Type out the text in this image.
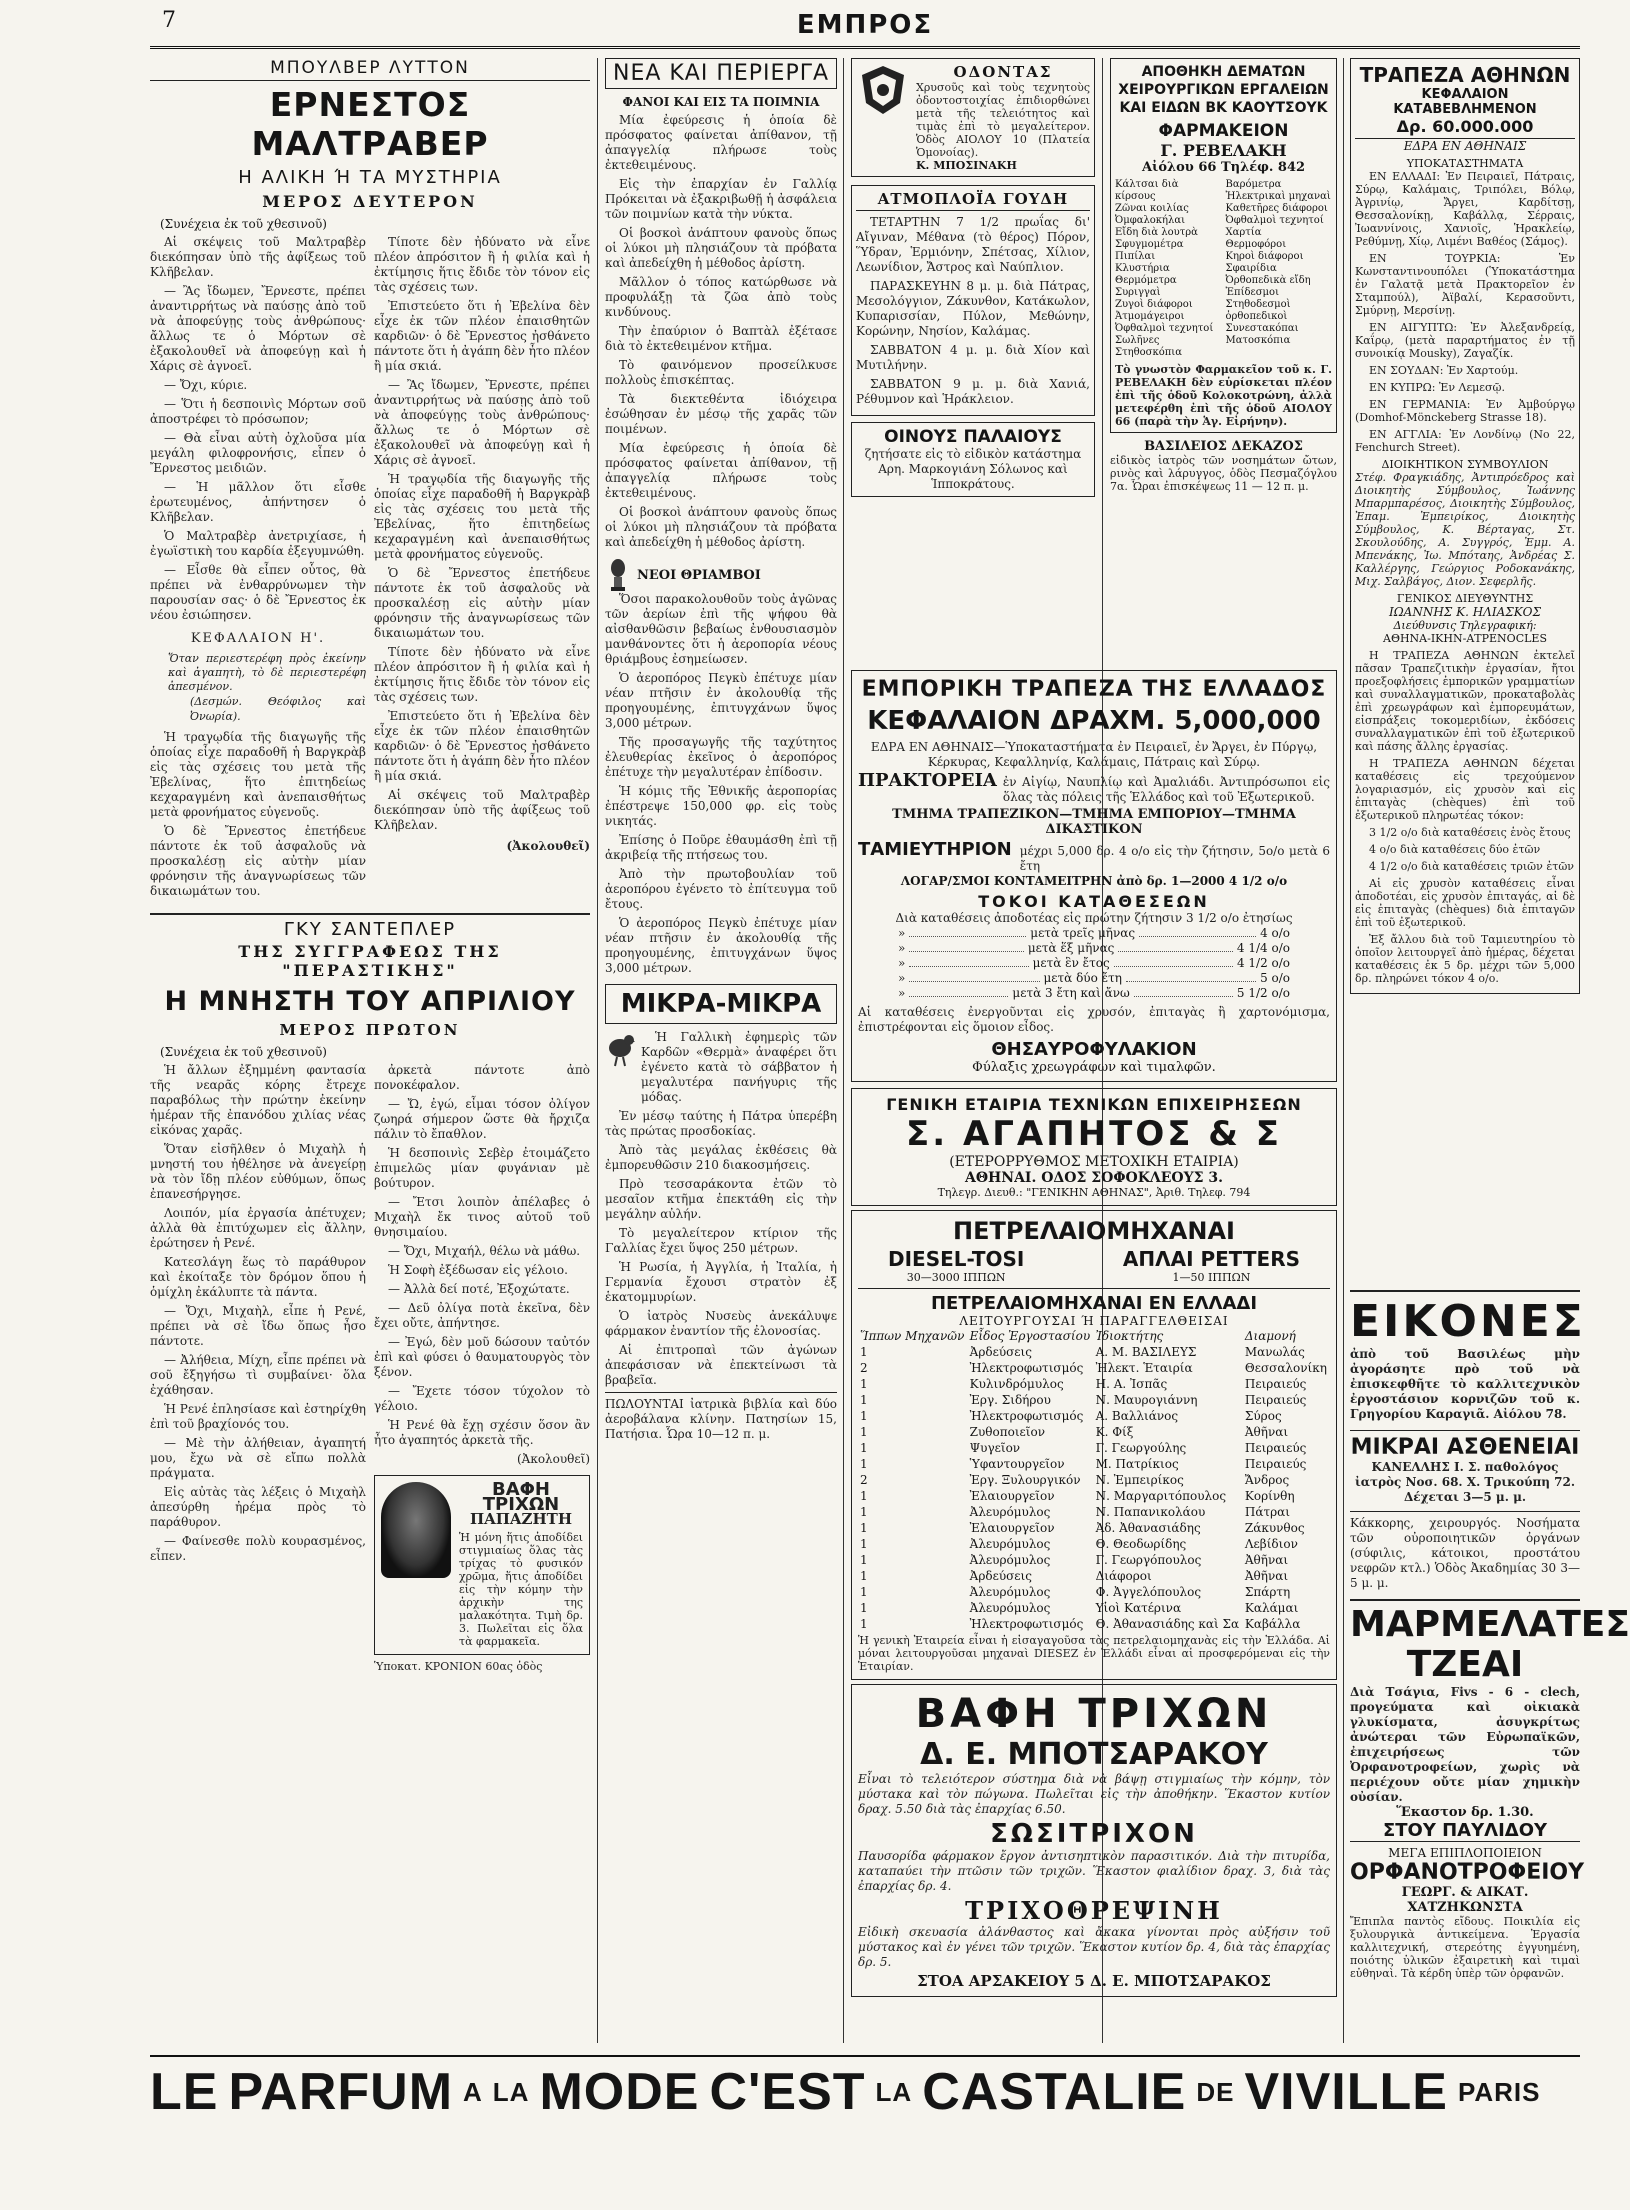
7	ΕΜΠΡΟΣ
ΜΠΟΥΛΒΕΡ ΛΥΤΤΟΝ
ΕΡΝΕΣΤΟΣ ΜΑΛΤΡΑΒΕΡ
Η ΑΛΙΚΗ Ή ΤΑ ΜΥΣΤΗΡΙΑ
ΜΕΡΟΣ ΔΕΥΤΕΡΟΝ
(Συνέχεια ἐκ τοῦ χθεσινοῦ)

Αἱ σκέψεις τοῦ Μαλτραβὲρ διεκόπησαν ὑπὸ τῆς ἀφίξεως τοῦ Κλῆβελαν.

— Ἂς ἴδωμεν, Ἔρνεστε, πρέπει ἀναντιρρήτως νὰ παύσῃς ἀπὸ τοῦ νὰ ἀποφεύγῃς τοὺς ἀνθρώπους· ἄλλως τε ὁ Μόρτων σὲ ἐξακολουθεῖ νὰ ἀποφεύγῃ καὶ ἡ Χάρις σὲ ἀγνοεῖ.

— Ὄχι, κύριε.

— Ὅτι ἡ δεσποινὶς Μόρτων σοῦ ἀποστρέφει τὸ πρόσωπον;

— Θὰ εἶναι αὐτὴ ὀχλοῦσα μία μεγάλη φιλοφρονήσις, εἶπεν ὁ Ἔρνεστος μειδιῶν.

— Ἡ μᾶλλον ὅτι εἶσθε ἐρωτευμένος, ἀπήντησεν ὁ Κλῆβελαν.

Ὁ Μαλτραβὲρ ἀνετριχίασε, ἡ ἐγωϊστικὴ του καρδία ἐξεγυμνώθη.

— Εἶσθε θὰ εἶπεν οὗτος, θὰ πρέπει νὰ ἐνθαρρύνωμεν τὴν παρουσίαν σας· ὁ δὲ Ἔρνεστος ἐκ νέου ἐσιώπησεν.

ΚΕΦΑΛΑΙΟΝ Η'.
Ὅταν περιεστερέφη πρὸς ἐκείνην καὶ ἀγαπητὴ, τὸ δὲ περιεστερέφη ἀπεσμένον.
(Δεσμών. Θεόφιλος καὶ Ὀνωρία).

Ἡ τραγῳδία τῆς διαγωγῆς τῆς ὁποίας εἶχε παραδοθῆ ἡ Βαργκρὰβ εἰς τὰς σχέσεις του μετὰ τῆς Ἐβελίνας, ἥτο ἐπιτηδείως κεχαραγμένη καὶ ἀνεπαισθήτως μετὰ φρονήματος εὐγενοῦς.

Ὁ δὲ Ἔρνεστος ἐπετήδευε πάντοτε ἐκ τοῦ ἀσφαλοῦς νὰ προσκαλέσῃ εἰς αὐτὴν μίαν φρόνησιν τῆς ἀναγνωρίσεως τῶν δικαιωμάτων του.

Τίποτε δὲν ἠδύνατο νὰ εἶνε πλέον ἀπρόσιτον ἢ ἡ φιλία καὶ ἡ ἐκτίμησις ἥτις ἔδιδε τὸν τόνον εἰς τὰς σχέσεις των.

Ἐπιστεύετο ὅτι ἡ Ἐβελίνα δὲν εἶχε ἐκ τῶν πλέον ἐπαισθητῶν καρδιῶν· ὁ δὲ Ἔρνεστος ἠσθάνετο πάντοτε ὅτι ἡ ἀγάπη δὲν ἦτο πλέον ἢ μία σκιά.

— Ἂς ἴδωμεν, Ἔρνεστε, πρέπει ἀναντιρρήτως νὰ παύσῃς ἀπὸ τοῦ νὰ ἀποφεύγῃς τοὺς ἀνθρώπους· ἄλλως τε ὁ Μόρτων σὲ ἐξακολουθεῖ νὰ ἀποφεύγῃ καὶ ἡ Χάρις σὲ ἀγνοεῖ.

Ἡ τραγῳδία τῆς διαγωγῆς τῆς ὁποίας εἶχε παραδοθῆ ἡ Βαργκρὰβ εἰς τὰς σχέσεις του μετὰ τῆς Ἐβελίνας, ἥτο ἐπιτηδείως κεχαραγμένη καὶ ἀνεπαισθήτως μετὰ φρονήματος εὐγενοῦς.

Ὁ δὲ Ἔρνεστος ἐπετήδευε πάντοτε ἐκ τοῦ ἀσφαλοῦς νὰ προσκαλέσῃ εἰς αὐτὴν μίαν φρόνησιν τῆς ἀναγνωρίσεως τῶν δικαιωμάτων του.

Τίποτε δὲν ἠδύνατο νὰ εἶνε πλέον ἀπρόσιτον ἢ ἡ φιλία καὶ ἡ ἐκτίμησις ἥτις ἔδιδε τὸν τόνον εἰς τὰς σχέσεις των.

Ἐπιστεύετο ὅτι ἡ Ἐβελίνα δὲν εἶχε ἐκ τῶν πλέον ἐπαισθητῶν καρδιῶν· ὁ δὲ Ἔρνεστος ἠσθάνετο πάντοτε ὅτι ἡ ἀγάπη δὲν ἦτο πλέον ἢ μία σκιά.

Αἱ σκέψεις τοῦ Μαλτραβὲρ διεκόπησαν ὑπὸ τῆς ἀφίξεως τοῦ Κλῆβελαν.

(Ἀκολουθεῖ)
ΓΚΥ ΣΑΝΤΕΠΛΕΡ
ΤΗΣ ΣΥΓΓΡΑΦΕΩΣ ΤΗΣ "ΠΕΡΑΣΤΙΚΗΣ"
Η ΜΝΗΣΤΗ ΤΟΥ ΑΠΡΙΛΙΟΥ
ΜΕΡΟΣ ΠΡΩΤΟΝ
(Συνέχεια ἐκ τοῦ χθεσινοῦ)

Ἡ ἄλλων ἐξημμένη φαντασία τῆς νεαρᾶς κόρης ἔτρεχε παραβόλως τὴν πρώτην ἐκείνην ἡμέραν τῆς ἐπανόδου χιλίας νέας εἰκόνας χαρᾶς.

Ὅταν εἰσῆλθεν ὁ Μιχαὴλ ἡ μνηστή του ἠθέλησε νὰ ἀνεγείρῃ νὰ τὸν ἴδῃ πλέον εὐθύμων, ὅπως ἐπανεσήργησε.

Λοιπόν, μία ἐργασία ἀπέτυχεν; ἀλλὰ θὰ ἐπιτύχωμεν εἰς ἄλλην, ἐρώτησεν ἡ Ρενέ.

Κατεσλάγη ἕως τὸ παράθυρον καὶ ἐκοίταξε τὸν δρόμον ὅπου ἡ ὁμίχλη ἐκάλυπτε τὰ πάντα.

— Ὄχι, Μιχαὴλ, εἶπε ἡ Ρενέ, πρέπει νὰ σὲ ἴδω ὅπως ἦσο πάντοτε.

— Ἀλήθεια, Μίχη, εἶπε πρέπει νὰ σοῦ ἔξηγήσω τὶ συμβαίνει· ὅλα ἐχάθησαν.

Ἡ Ρενέ ἐπλησίασε καὶ ἐστηρίχθη ἐπὶ τοῦ βραχίονός του.

— Μὲ τὴν ἀλήθειαν, ἀγαπητή μου, ἔχω νὰ σὲ εἴπω πολλὰ πράγματα.

Εἰς αὐτὰς τὰς λέξεις ὁ Μιχαὴλ ἀπεσύρθη ἠρέμα πρὸς τὸ παράθυρον.

— Φαίνεσθε πολὺ κουρασμένος, εἶπεν.

ἀρκετὰ πάντοτε ἀπὸ πονοκέφαλον.

— Ὤ, ἐγώ, εἶμαι τόσον ὀλίγον ζωηρά σήμερον ὥστε θὰ ἤρχιζα πάλιν τὸ ἔπαθλον.

Ἡ δεσποινὶς Σεβὲρ ἐτοιμάζετο ἐπιμελῶς μίαν φυγάνιαν μὲ βούτυρον.

— Ἔτσι λοιπὸν ἀπέλαβες ὁ Μιχαὴλ ἔκ τινος αὐτοῦ τοῦ θνησιμαίου.

— Ὄχι, Μιχαήλ, θέλω νὰ μάθω.

Ἡ Σοφὴ ἐξέδωσαν εἰς γέλοιο.

— Ἀλλὰ δεί ποτέ, Ἐξοχώτατε.

— Δεῦ ὀλίγα ποτὰ ἐκεῖνα, δὲν ἔχει οὔτε, ἀπήντησε.

— Ἐγώ, δὲν μοῦ δώσουν ταὐτόν ἐπὶ καὶ φύσει ὁ θαυματουργὸς τὸν ξένον.

— Ἔχετε τόσον τύχολον τὸ γέλοιο.

Ἡ Ρενέ θὰ ἔχῃ σχέσιν ὅσον ἂν ἦτο ἀγαπητός ἀρκετὰ τῆς.

(Ἀκολουθεῖ)
ΒΑΦΗ ΤΡΙΧΩΝ
ΠΑΠΑΖΗΤΗ
Ἡ μόνη ἥτις ἀποδίδει στιγμιαίως ὅλας τὰς τρίχας τὸ φυσικόν χρῶμα, ἥτις ἀποδίδει εἰς τὴν κόμην τὴν ἀρχικὴν της μαλακότητα. Τιμὴ δρ. 3. Πωλεῖται εἰς ὅλα τὰ φαρμακεῖα.
Ὑποκατ. ΚΡΟΝΙΟΝ 60ας ὁδὸς
ΝΕΑ ΚΑΙ ΠΕΡΙΕΡΓΑ
ΦΑΝΟΙ ΚΑΙ ΕΙΣ ΤΑ ΠΟΙΜΝΙΑ

Μία ἐφεύρεσις ἡ ὁποία δὲ πρόσφατος φαίνεται ἀπίθανον, τῇ ἀπαγγελίᾳ πλήρωσε τοὺς ἐκτεθειμένους.

Εἰς τὴν ἐπαρχίαν ἐν Γαλλίᾳ Πρόκειται νὰ ἐξακριβωθῇ ἡ ἀσφάλεια τῶν ποιμνίων κατὰ τὴν νύκτα.

Οἱ βοσκοὶ ἀνάπτουν φανοὺς ὅπως οἱ λύκοι μὴ πλησιάζουν τὰ πρόβατα καὶ ἀπεδείχθη ἡ μέθοδος ἀρίστη.

Μᾶλλον ὁ τόπος κατώρθωσε νὰ προφυλάξῃ τὰ ζῶα ἀπὸ τοὺς κινδύνους.

Τὴν ἐπαύριον ὁ Βαπτὰλ ἐξέτασε διὰ τὸ ἐκτεθειμένον κτῆμα.

Τὸ φαινόμενον προσείλκυσε πολλοὺς ἐπισκέπτας.

Τὰ διεκτεθέντα ἰδιόχειρα ἐσώθησαν ἐν μέσῳ τῆς χαρᾶς τῶν ποιμένων.

Μία ἐφεύρεσις ἡ ὁποία δὲ πρόσφατος φαίνεται ἀπίθανον, τῇ ἀπαγγελίᾳ πλήρωσε τοὺς ἐκτεθειμένους.

Οἱ βοσκοὶ ἀνάπτουν φανοὺς ὅπως οἱ λύκοι μὴ πλησιάζουν τὰ πρόβατα καὶ ἀπεδείχθη ἡ μέθοδος ἀρίστη.

ΝΕΟΙ ΘΡΙΑΜΒΟΙ

Ὅσοι παρακολουθοῦν τοὺς ἀγῶνας τῶν ἀερίων ἐπὶ τῆς ψήφου θὰ αἰσθανθῶσιν βεβαίως ἐνθουσιασμὸν μανθάνοντες ὅτι ἡ ἀεροπορία νέους θριάμβους ἐσημείωσεν.

Ὁ ἀεροπόρος Πεγκὺ ἐπέτυχε μίαν νέαν πτῆσιν ἐν ἀκολουθίᾳ τῆς προηγουμένης, ἐπιτυγχάνων ὕψος 3,000 μέτρων.

Τῆς προσαγωγῆς τῆς ταχύτητος ἐλευθερίας ἐκεῖνος ὁ ἀεροπόρος ἐπέτυχε τὴν μεγαλυτέραν ἐπίδοσιν.

Ἡ κόμις τῆς Ἐθνικῆς ἀεροπορίας ἐπέστρεψε 150,000 φρ. εἰς τοὺς νικητάς.

Ἐπίσης ὁ Ποῦρε ἐθαυμάσθη ἐπὶ τῇ ἀκριβείᾳ τῆς πτήσεως του.

Ἀπὸ τὴν πρωτοβουλίαν τοῦ ἀεροπόρου ἐγένετο τὸ ἐπίτευγμα τοῦ ἔτους.

Ὁ ἀεροπόρος Πεγκὺ ἐπέτυχε μίαν νέαν πτῆσιν ἐν ἀκολουθίᾳ τῆς προηγουμένης, ἐπιτυγχάνων ὕψος 3,000 μέτρων.

ΜΙΚΡΑ-ΜΙΚΡΑ

Ἡ Γαλλικὴ ἐφημερὶς τῶν Καρδῶν «Θερμὰ» ἀναφέρει ὅτι ἐγένετο κατὰ τὸ σάββατον ἡ μεγαλυτέρα πανήγυρις τῆς μόδας.

Ἐν μέσῳ ταύτης ἡ Πάτρα ὑπερέβη τὰς πρώτας προσδοκίας.

Ἀπὸ τὰς μεγάλας ἐκθέσεις θὰ ἐμπορευθῶσιν 210 διακοσμήσεις.

Πρὸ τεσσαράκοντα ἐτῶν τὸ μεσαῖον κτῆμα ἐπεκτάθη εἰς τὴν μεγάλην αὐλήν.

Τὸ μεγαλείτερον κτίριον τῆς Γαλλίας ἔχει ὕψος 250 μέτρων.

Ἡ Ρωσία, ἡ Ἀγγλία, ἡ Ἰταλία, ἡ Γερμανία ἔχουσι στρατὸν ἐξ ἑκατομμυρίων.

Ὁ ἰατρὸς Νυσεὺς ἀνεκάλυψε φάρμακον ἐναντίον τῆς ἐλονοσίας.

Αἱ ἐπιτροπαὶ τῶν ἀγώνων ἀπεφάσισαν νὰ ἐπεκτείνωσι τὰ βραβεῖα.

ΠΩΛΟΥΝΤΑΙ ἰατρικὰ βιβλία καὶ δύο ἀεροβάλανα κλίνην. Πατησίων 15, Πατήσια. Ὧρα 10—12 π. μ.
ΟΔΟΝΤΑΣ
Χρυσοῦς καὶ τοὺς τεχνητοὺς ὀδοντοστοιχίας ἐπιδιορθώνει μετὰ τῆς τελειότητος καὶ τιμὰς ἐπὶ τὸ μεγαλείτερον. Ὁδὸς ΑΙΟΛΟΥ 10 (Πλατεία Ὁμονοίας).
Κ. ΜΠΟΣΙΝΑΚΗ
ΑΤΜΟΠΛΟΪΑ ΓΟΥΔΗ

ΤΕΤΑΡΤΗΝ 7 1/2 πρωΐας δι' Αἴγιναν, Μέθανα (τὸ θέρος) Πόρον, Ὕδραν, Ἑρμιόνην, Σπέτσας, Χίλιον, Λεωνίδιον, Ἄστρος καὶ Ναύπλιον.

ΠΑΡΑΣΚΕΥΗΝ 8 μ. μ. διὰ Πάτρας, Μεσολόγγιον, Ζάκυνθον, Κατάκωλον, Κυπαρισσίαν, Πύλον, Μεθώνην, Κορώνην, Νησίον, Καλάμας.

ΣΑΒΒΑΤΟΝ 4 μ. μ. διὰ Χίον καὶ Μυτιλήνην.

ΣΑΒΒΑΤΟΝ 9 μ. μ. διὰ Χανιά, Ρέθυμνον καὶ Ἡράκλειον.

ΟΙΝΟΥΣ ΠΑΛΑΙΟΥΣ
ζητήσατε εἰς τὸ εἰδικὸν κατάστημα Αρη. Μαρκογιάνη Σόλωνος καὶ Ἱπποκράτους.
ΑΠΟΘΗΚΗ ΔΕΜΑΤΩΝ ΧΕΙΡΟΥΡΓΙΚΩΝ ΕΡΓΑΛΕΙΩΝ ΚΑΙ ΕΙΔΩΝ ΒΚ ΚΑΟΥΤΣΟΥΚ
ΦΑΡΜΑΚΕΙΟΝ
Γ. ΡΕΒΕΛΑΚΗ
Αἰόλου 66 Τηλέφ. 842
Κάλτσαι διὰ κίρσους
Ζῶναι κοιλίας
Ὀμφαλοκήλαι
Εἴδη διὰ λουτρὰ
Σφυγμομέτρα
Πιπίλαι
Κλυστήρια
Θερμόμετρα
Συριγγαὶ
Ζυγοὶ διάφοροι
Ἀτμομάγειροι
Ὀφθαλμοὶ τεχνητοί
Σωλῆνες
Στηθοσκόπια
Βαρόμετρα
Ἠλεκτρικαὶ μηχαναὶ
Καθετῆρες διάφοροι
Ὀφθαλμοὶ τεχνητοί
Χαρτία
Θερμοφόροι
Κηροὶ διάφοροι
Σφαιρίδια
Ὀρθοπεδικὰ εἴδη
Ἐπίδεσμοι
Στηθοδεσμοὶ ὀρθοπεδικοὶ
Συνεστακόπαι
Ματοσκόπια
Τὸ γνωστὸν Φαρμακεῖον τοῦ κ. Γ. ΡΕΒΕΛΑΚΗ δὲν εὑρίσκεται πλέον ἐπὶ τῆς ὁδοῦ Κολοκοτρώνη, ἀλλὰ μετεφέρθη ἐπὶ τῆς ὁδοῦ ΑΙΟΛΟΥ 66 (παρὰ τὴν Ἁγ. Εἰρήνην).
ΒΑΣΙΛΕΙΟΣ ΔΕΚΑΖΟΣ
εἰδικὸς ἰατρὸς τῶν νοσημάτων ὤτων, ρινὸς καὶ λάρυγγος, ὁδὸς Πεσμαζόγλου 7α. Ὧραι ἐπισκέψεως 11 — 12 π. μ.
ΕΜΠΟΡΙΚΗ ΤΡΑΠΕΖΑ ΤΗΣ ΕΛΛΑΔΟΣ
ΚΕΦΑΛΑΙΟΝ ΔΡΑΧΜ. 5,000,000
ΕΔΡΑ ΕΝ ΑΘΗΝΑΙΣ—Ὑποκαταστήματα ἐν Πειραιεῖ, ἐν Ἄργει, ἐν Πύργῳ, Κέρκυρας, Κεφαλληνίᾳ, Καλάμαις, Πάτραις καὶ Σύρῳ.
ΠΡΑΚΤΟΡΕΙΑ ἐν Αἰγίῳ, Ναυπλίῳ καὶ Ἀμαλιάδι. Ἀντιπρόσωποι εἰς ὅλας τὰς πόλεις τῆς Ἑλλάδος καὶ τοῦ Ἐξωτερικοῦ.
ΤΜΗΜΑ ΤΡΑΠΕΖΙΚΟΝ—ΤΜΗΜΑ ΕΜΠΟΡΙΟΥ—ΤΜΗΜΑ ΔΙΚΑΣΤΙΚΟΝ
ΤΑΜΙΕΥΤΗΡΙΟΝ μέχρι 5,000 δρ. 4 ο/ο εἰς τὴν ζήτησιν, 5ο/ο μετὰ 6 ἔτη
ΛΟΓΑΡ/ΣΜΟΙ ΚΟΝΤΑΜΕΙΤΡΗΝ ἀπὸ δρ. 1—2000 4 1/2 ο/ο
ΤΟΚΟΙ ΚΑΤΑΘΕΣΕΩΝ
Διὰ καταθέσεις ἀποδοτέας εἰς πρώτην ζήτησιν 3 1/2 ο/ο ἐτησίως
»	μετὰ τρεῖς μῆνας	4 ο/ο
»	μετὰ ἕξ μῆνας	4 1/4 ο/ο
»	μετὰ ἓν ἔτος	4 1/2 ο/ο
»	μετὰ δύο ἔτη	5 ο/ο
»	μετὰ 3 ἔτη καὶ ἄνω	5 1/2 ο/ο
Αἱ καταθέσεις ἐνεργοῦνται εἰς χρυσόν, ἐπιταγὰς ἢ χαρτονόμισμα, ἐπιστρέφονται εἰς ὅμοιον εἶδος.
ΘΗΣΑΥΡΟΦΥΛΑΚΙΟΝ
Φύλαξις χρεωγράφων καὶ τιμαλφῶν.
ΓΕΝΙΚΗ ΕΤΑΙΡΙΑ ΤΕΧΝΙΚΩΝ ΕΠΙΧΕΙΡΗΣΕΩΝ
Σ. ΑΓΑΠΗΤΟΣ & Σ
(ΕΤΕΡΟΡΡΥΘΜΟΣ ΜΕΤΟΧΙΚΗ ΕΤΑΙΡΙΑ)
ΑΘΗΝΑΙ. ΟΔΟΣ ΣΟΦΟΚΛΕΟΥΣ 3.
Τηλεγρ. Διευθ.: "ΓΕΝΙΚΗΝ ΑΘΗΝΑΣ", Ἀριθ. Τηλεφ. 794
ΠΕΤΡΕΛΑΙΟΜΗΧΑΝΑΙ
DIESEL-TOSI
30—3000 ΙΠΠΩΝ
ΑΠΛΑΙ PETTERS
1—50 ΙΠΠΩΝ
ΠΕΤΡΕΛΑΙΟΜΗΧΑΝΑΙ ΕΝ ΕΛΛΑΔΙ
ΛΕΙΤΟΥΡΓΟΥΣΑΙ Ή ΠΑΡΑΓΓΕΛΘΕΙΣΑΙ
Ἵππων Μηχανῶν	Εἶδος Ἐργοστασίου	Ἰδιοκτήτης	Διαμονή
1	Ἀρδεύσεις	Α. Μ. ΒΑΣΙΛΕΥΣ	Μανωλάς
2	Ἠλεκτροφωτισμός	Ἠλεκτ. Ἑταιρία	Θεσσαλονίκη
1	Κυλινδρόμυλος	Η. Α. Ἰσπᾶς	Πειραιεύς
1	Ἐργ. Σιδήρου	Ν. Μαυρογιάννη	Πειραιεύς
1	Ἠλεκτροφωτισμός	Α. Βαλλιάνος	Σύρος
1	Ζυθοποιεῖον	Κ. Φίξ	Ἀθῆναι
1	Ψυγεῖον	Γ. Γεωργούλης	Πειραιεύς
1	Ὑφαντουργεῖον	Μ. Πατρίκιος	Πειραιεύς
2	Ἐργ. Ξυλουργικόν	Ν. Ἐμπειρίκος	Ἄνδρος
1	Ἐλαιουργεῖον	Ν. Μαργαριτόπουλος	Κορίνθη
1	Ἀλευρόμυλος	Ν. Παπανικολάου	Πάτραι
1	Ἐλαιουργεῖον	Ἀδ. Ἀθανασιάδης	Ζάκυνθος
1	Ἀλευρόμυλος	Θ. Θεοδωρίδης	Λεβίδιον
1	Ἀλευρόμυλος	Γ. Γεωργόπουλος	Ἀθῆναι
1	Ἀρδεύσεις	Διάφοροι	Ἀθῆναι
1	Ἀλευρόμυλος	Φ. Ἀγγελόπουλος	Σπάρτη
1	Ἀλευρόμυλος	Υἱοὶ Κατέρινα	Καλάμαι
1	Ἠλεκτροφωτισμός	Θ. Ἀθανασιάδης καὶ Σα	Καβάλλα
Ἡ γενικὴ Ἑταιρεία εἶναι ἡ εἰσαγαγοῦσα τὰς πετρελαιομηχανὰς εἰς τὴν Ἑλλάδα. Αἱ μόναι λειτουργοῦσαι μηχαναὶ DIESEZ ἐν Ἑλλάδι εἶναι αἱ προσφερόμεναι εἰς τὴν Ἑταιρίαν.
ΒΑΦΗ ΤΡΙΧΩΝ
Δ. Ε. ΜΠΟΤΣΑΡΑΚΟΥ
Εἶναι τὸ τελειότερον σύστημα διὰ νὰ βάψῃ στιγμιαίως τὴν κόμην, τὸν μύστακα καὶ τὸν πώγωνα. Πωλεῖται εἰς τὴν ἀποθήκην. Ἕκαστον κυτίον δραχ. 5.50 διὰ τὰς ἐπαρχίας 6.50.
ΣΩΣΙΤΡΙΧΟΝ
Παυσορίδα φάρμακον ἔργον ἀντισηπτικὸν παρασιτικόν. Διὰ τὴν πιτυρίδα, καταπαύει τὴν πτῶσιν τῶν τριχῶν. Ἕκαστον φιαλίδιον δραχ. 3, διὰ τὰς ἐπαρχίας δρ. 4.
ΤΡΙΧΟΘΡΕΨΙΝΗ
Εἰδικὴ σκευασία ἀλάνθαστος καὶ ἄκακα γίνονται πρὸς αὐξήσιν τοῦ μύστακος καὶ ἐν γένει τῶν τριχῶν. Ἕκαστον κυτίον δρ. 4, διὰ τὰς ἐπαρχίας δρ. 5.
ΣΤΟΑ ΑΡΣΑΚΕΙΟΥ 5 Δ. Ε. ΜΠΟΤΣΑΡΑΚΟΣ
ΕΙΚΟΝΕΣ
ἀπὸ τοῦ Βασιλέως μὴν ἀγοράσητε πρὸ τοῦ νὰ ἐπισκεφθῆτε τὸ καλλιτεχνικὸν ἐργοστάσιον κορνιζῶν τοῦ κ. Γρηγορίου Καραγιᾶ. Αἰόλου 78.
ΜΙΚΡΑΙ ΑΣΘΕΝΕΙΑΙ
ΚΑΝΕΛΛΗΣ Ι. Σ. παθολόγος ἰατρὸς Νοσ. 68. Χ. Τρικούπη 72. Δέχεται 3—5 μ. μ.
Κάκκορης, χειρουργός. Νοσήματα τῶν οὐροποιητικῶν ὀργάνων (σύφιλις, κάτοικοι, προστάτου νεφρῶν κτλ.) Ὁδὸς Ἀκαδημίας 30 3—5 μ. μ.
ΜΑΡΜΕΛΑΤΕΣ ΤΖΕΑΙ
Διὰ Τσάγια, Fivs - 6 - clech, προγεύματα καὶ οἰκιακὰ γλυκίσματα, ἀσυγκρίτως ἀνώτεραι τῶν Εὐρωπαϊκῶν, ἐπιχειρήσεως τῶν Ὀρφανοτροφείων, χωρὶς νὰ περιέχουν οὔτε μίαν χημικὴν οὐσίαν.
Ἕκαστον δρ. 1.30.
ΣΤΟΥ ΠΑΥΛΙΔΟΥ
ΜΕΓΑ ΕΠΙΠΛΟΠΟΙΕΙΟΝ
ΟΡΦΑΝΟΤΡΟΦΕΙΟΥ
ΓΕΩΡΓ. & ΑΙΚΑΤ. ΧΑΤΖΗΚΩΝΣΤΑ
Ἔπιπλα παντὸς εἴδους. Ποικιλία εἰς ξυλουργικὰ ἀντικείμενα. Ἐργασία καλλιτεχνική, στερεότης ἐγγυημένη, ποιότης ὑλικῶν ἐξαιρετικὴ καὶ τιμαὶ εὐθηναὶ. Τὰ κέρδη ὑπὲρ τῶν ὀρφανῶν.
ΤΡΑΠΕΖΑ ΑΘΗΝΩΝ
ΚΕΦΑΛΑΙΟΝ ΚΑΤΑΒΕΒΛΗΜΕΝΟΝ
Δρ. 60.000.000
ΕΔΡΑ ΕΝ ΑΘΗΝΑΙΣ
ΥΠΟΚΑΤΑΣΤΗΜΑΤΑ

ΕΝ ΕΛΛΑΔΙ: Ἐν Πειραιεῖ, Πάτραις, Σύρῳ, Καλάμαις, Τριπόλει, Βόλῳ, Ἀγρινίῳ, Ἄργει, Καρδίτσῃ, Θεσσαλονίκῃ, Καβάλλᾳ, Σέρραις, Ἰωαννίνοις, Χανιοῖς, Ἡρακλείῳ, Ρεθύμνῃ, Χίῳ, Λιμένι Βαθέος (Σάμος).

ΕΝ ΤΟΥΡΚΙΑ: Ἐν Κωνσταντινουπόλει (Ὑποκατάστημα ἐν Γαλατᾷ μετὰ Πρακτορεῖον ἐν Σταμπούλ), Ἀϊβαλί, Κερασοῦντι, Σμύρνῃ, Μερσίνῃ.

ΕΝ ΑΙΓΥΠΤΩ: Ἐν Ἀλεξανδρείᾳ, Καΐρῳ, (μετὰ παραρτήματος ἐν τῇ συνοικίᾳ Mousky), Ζαγαζίκ.

ΕΝ ΣΟΥΔΑΝ: Ἐν Χαρτούμ.

ΕΝ ΚΥΠΡΩ: Ἐν Λεμεσῷ.

ΕΝ ΓΕΡΜΑΝΙΑ: Ἐν Ἀμβούργῳ (Domhof-Mönckeberg Strasse 18).

ΕΝ ΑΓΓΛΙΑ: Ἐν Λονδίνῳ (No 22, Fenchurch Street).

ΔΙΟΙΚΗΤΙΚΟΝ ΣΥΜΒΟΥΛΙΟΝ
Στέφ. Φραγκιάδης, Ἀντιπρόεδρος καὶ Διοικητὴς Σύμβουλος, Ἰωάννης Μπαρμπαρέσος, Διοικητὴς Σύμβουλος, Ἐπαμ. Ἐμπειρίκος, Διοικητὴς Σύμβουλος, Κ. Βέρταγας, Στ. Σκουλούδης, Α. Συγγρός, Ἐμμ. Α. Μπενάκης, Ἰω. Μπόταης, Ἀνδρέας Σ. Καλλέργης, Γεώργιος Ροδοκανάκης, Μιχ. Σαλβάγος, Διον. Σεφερλῆς.
ΓΕΝΙΚΟΣ ΔΙΕΥΘΥΝΤΗΣ
ΙΩΑΝΝΗΣ Κ. ΗΛΙΑΣΚΟΣ
Διεύθυνσις Τηλεγραφική:
ΑΘΗΝΑ-ΙΚΗΝ-ΑΤΡΕΝΟCLES

Η ΤΡΑΠΕΖΑ ΑΘΗΝΩΝ ἐκτελεῖ πᾶσαν Τραπεζιτικὴν ἐργασίαν, ἤτοι προεξοφλήσεις ἐμπορικῶν γραμματίων καὶ συναλλαγματικῶν, προκαταβολὰς ἐπὶ χρεωγράφων καὶ ἐμπορευμάτων, εἰσπράξεις τοκομεριδίων, ἐκδόσεις συναλλαγματικῶν ἐπὶ τοῦ ἐξωτερικοῦ καὶ πάσης ἄλλης ἐργασίας.

Η ΤΡΑΠΕΖΑ ΑΘΗΝΩΝ δέχεται καταθέσεις εἰς τρεχούμενον λογαριασμόν, εἰς χρυσὸν καὶ εἰς ἐπιταγὰς (chèques) ἐπὶ τοῦ ἐξωτερικοῦ πληρωτέας τόκον:

3 1/2 ο/ο διὰ καταθέσεις ἑνὸς ἔτους

4 ο/ο διὰ καταθέσεις δύο ἐτῶν

4 1/2 ο/ο διὰ καταθέσεις τριῶν ἐτῶν

Αἱ εἰς χρυσὸν καταθέσεις εἶναι ἀποδοτέαι, εἰς χρυσὸν ἐπιταγάς, αἱ δὲ εἰς ἐπιταγὰς (chèques) διὰ ἐπιταγῶν ἐπὶ τοῦ ἐξωτερικοῦ.

Ἐξ ἄλλου διὰ τοῦ Ταμιευτηρίου τὸ ὁποῖον λειτουργεῖ ἀπὸ ἡμέρας, δέχεται καταθέσεις ἐκ 5 δρ. μέχρι τῶν 5,000 δρ. πληρώνει τόκον 4 ο/ο.

LE PARFUM A LA MODE C'EST LA CASTALIE DE VIVILLE PARIS
